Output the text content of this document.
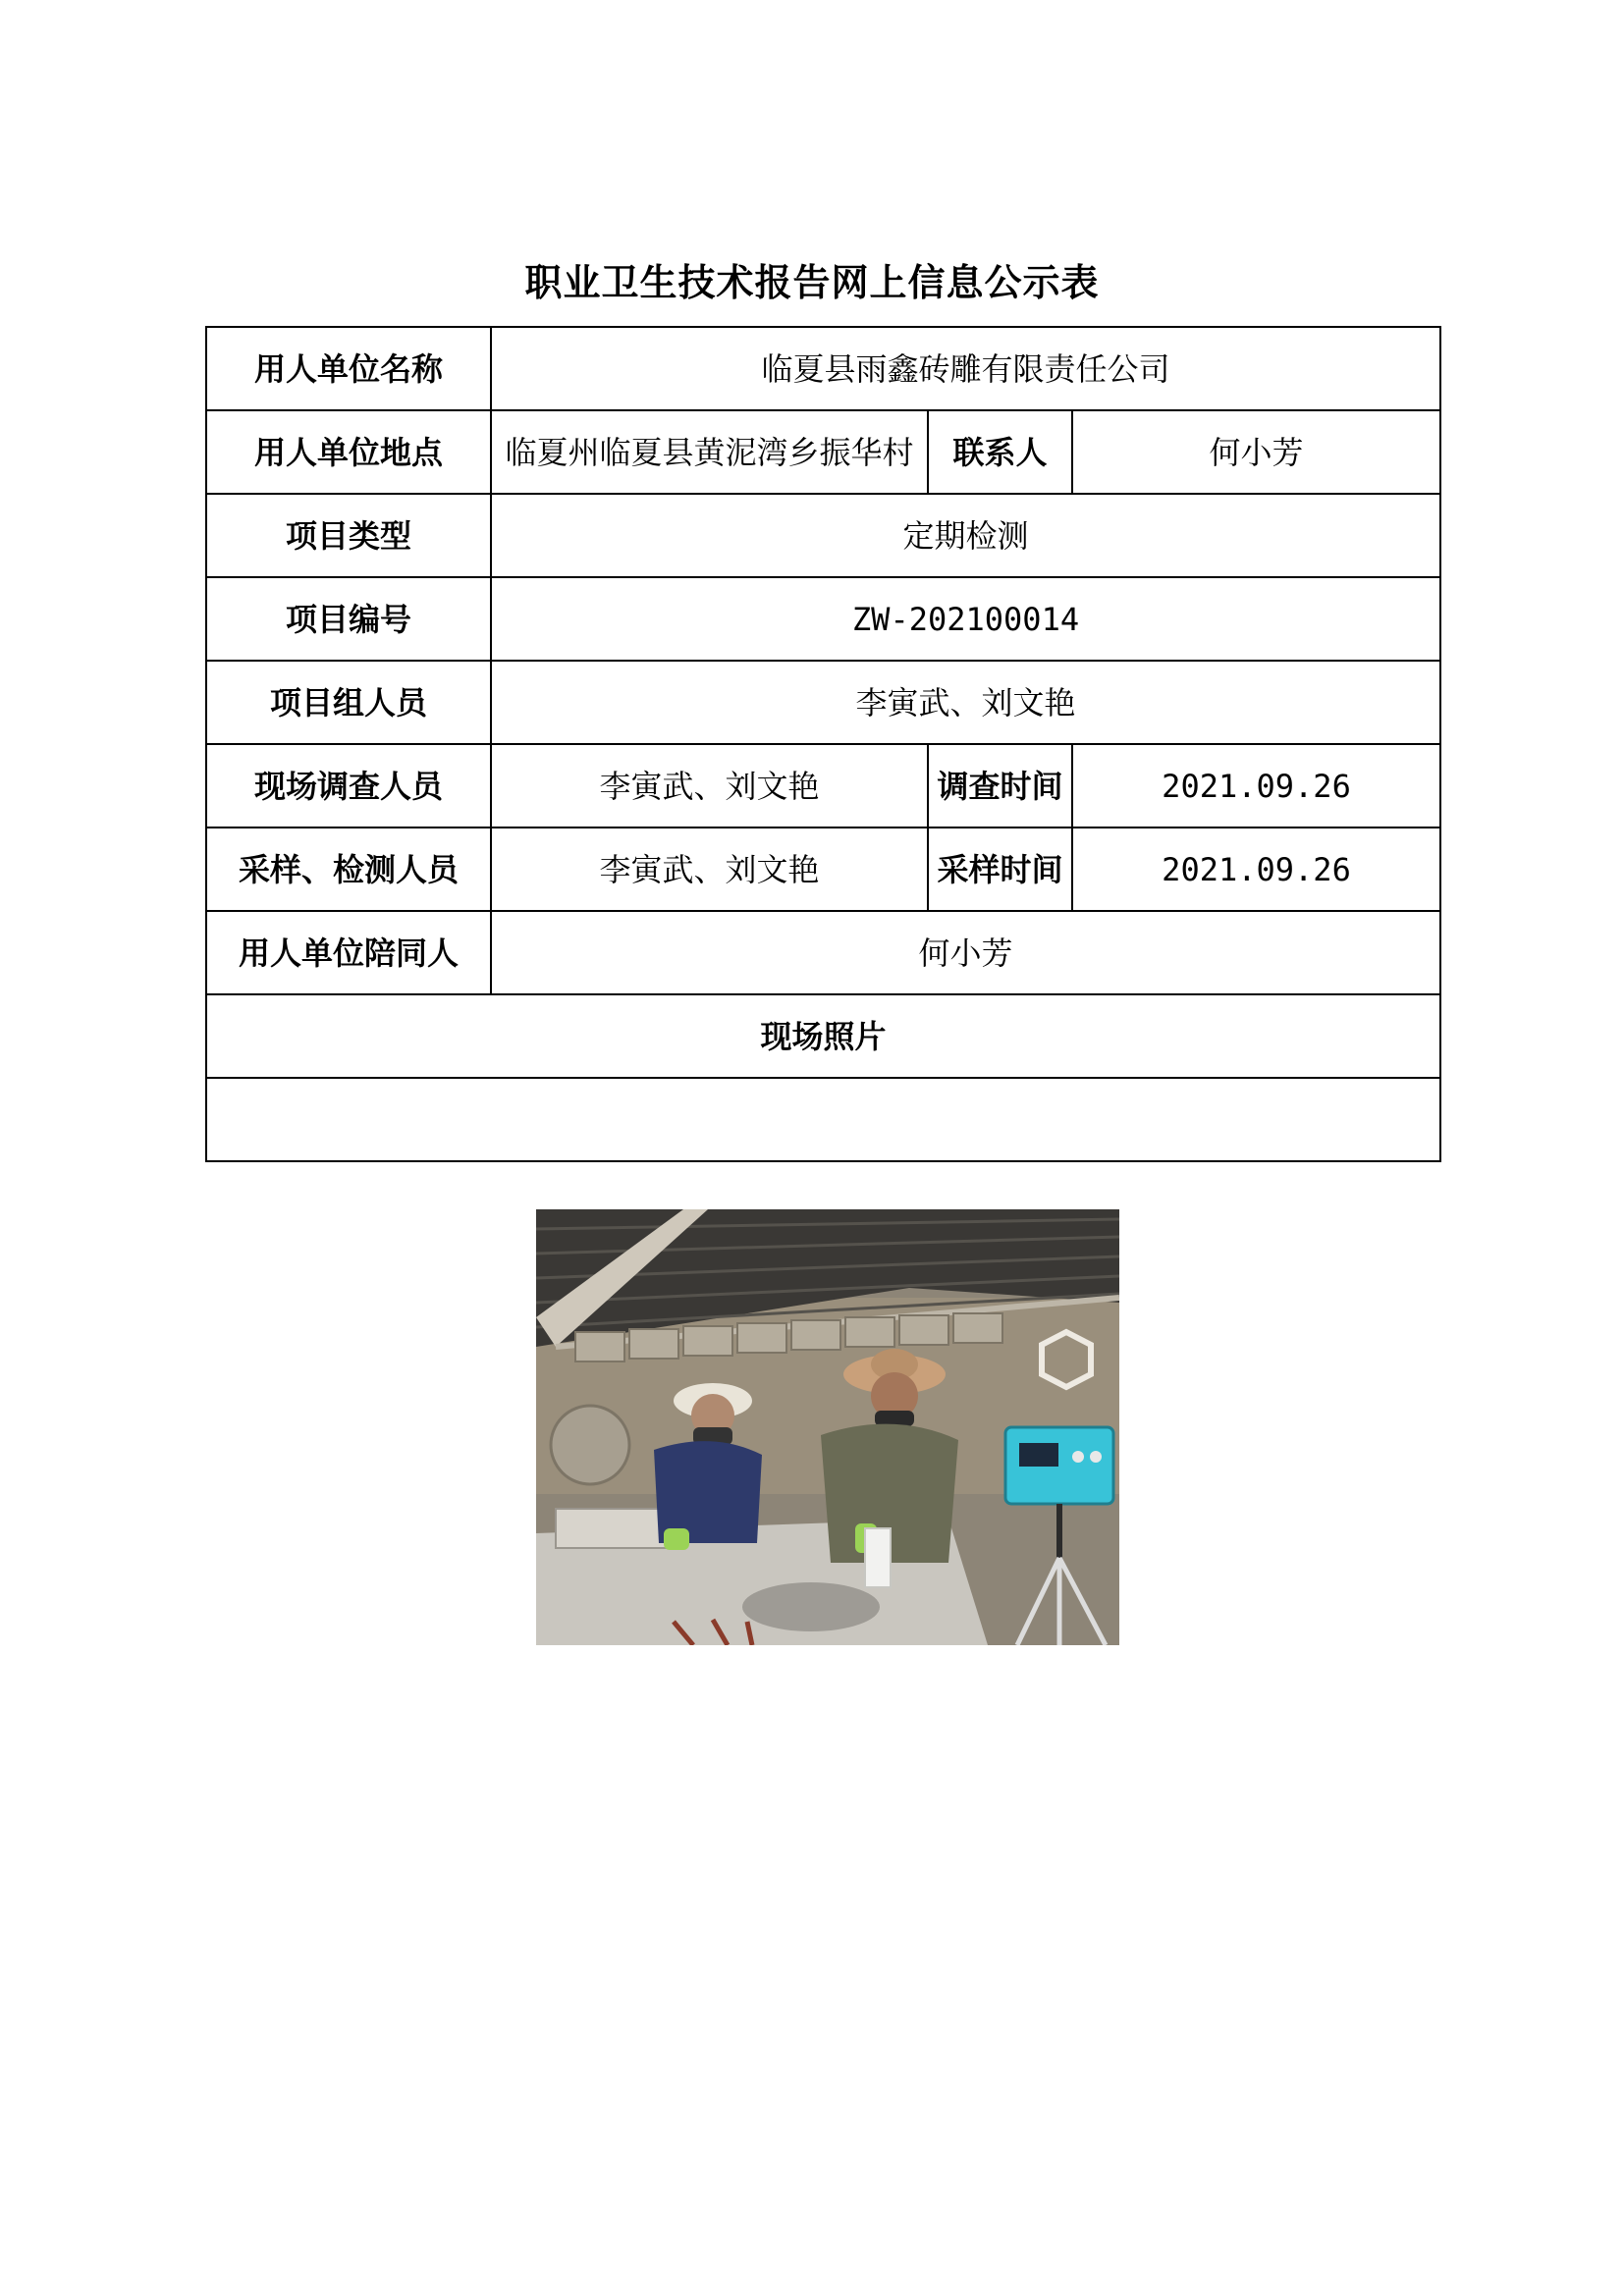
职业卫生技术报告网上信息公示表
用人单位名称	临夏县雨鑫砖雕有限责任公司		
用人单位地点	临夏州临夏县黄泥湾乡振华村	联系人	何小芳
项目类型	定期检测		
项目编号	ZW-202100014		
项目组人员	李寅武、刘文艳		
现场调查人员	李寅武、刘文艳	调查时间	2021.09.26
采样、检测人员	李寅武、刘文艳	采样时间	2021.09.26
用人单位陪同人	何小芳		
现场照片			
